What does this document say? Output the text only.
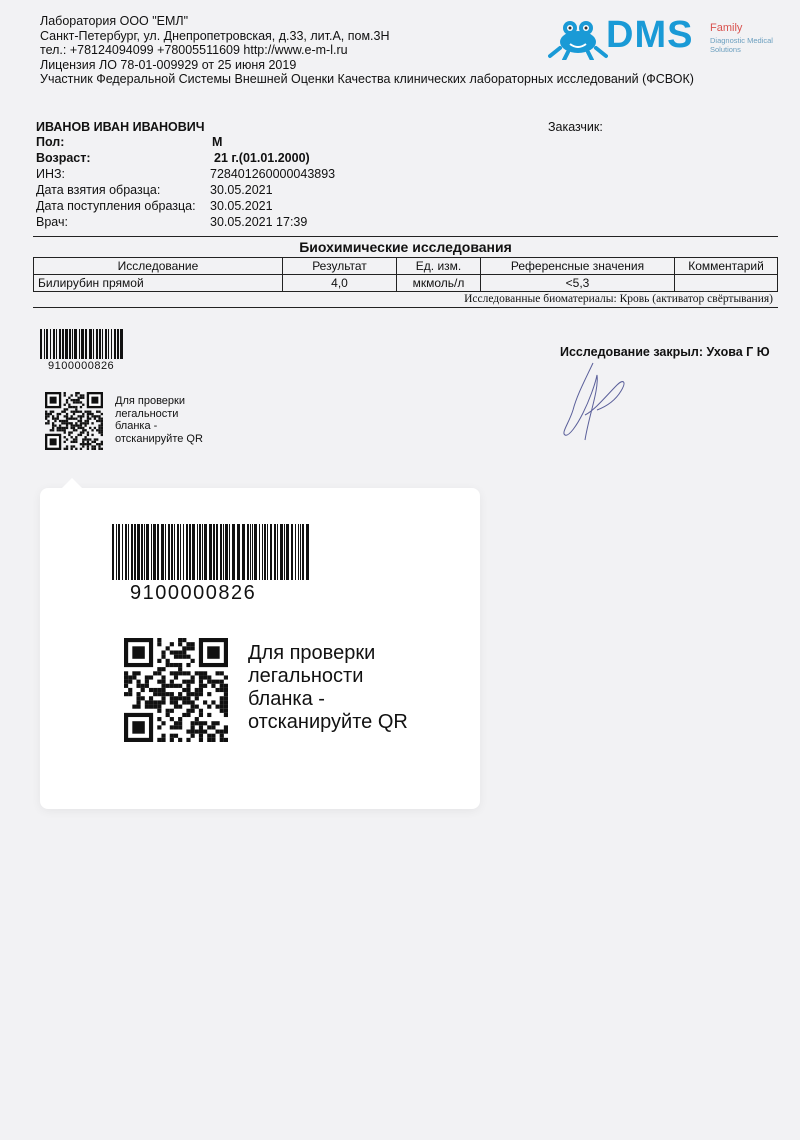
Лаборатория ООО "ЕМЛ"
Санкт-Петербург, ул. Днепропетровская, д.33, лит.А, пом.3Н
тел.: +78124094099 +78005511609 http://www.e-m-l.ru
Лицензия ЛО 78-01-009929 от 25 июня 2019
Участник Федеральной Системы Внешней Оценки Качества клинических лабораторных исследований (ФСВОК)
DMS Family
Diagnostic Medical Solutions
ИВАНОВ ИВАН ИВАНОВИЧ
Пол:	М
Возраст:	21 г.(01.01.2000)
ИНЗ:	728401260000043893
Дата взятия образца:	30.05.2021
Дата поступления образца: 30.05.2021
Врач:	30.05.2021 17:39
Заказчик:
Биохимические исследования
Исследование	Результат	Ед. изм.	Референсные значения	Комментарий
Билирубин прямой	4,0	мкмоль/л	<5,3	
Исследованные биоматериалы: Кровь (активатор свёртывания)
9100000826
Для проверки
легальности
бланка -
отсканируйте QR
Исследование закрыл: Ухова Г Ю
9100000826
Для проверки
легальности
бланка -
отсканируйте QR
